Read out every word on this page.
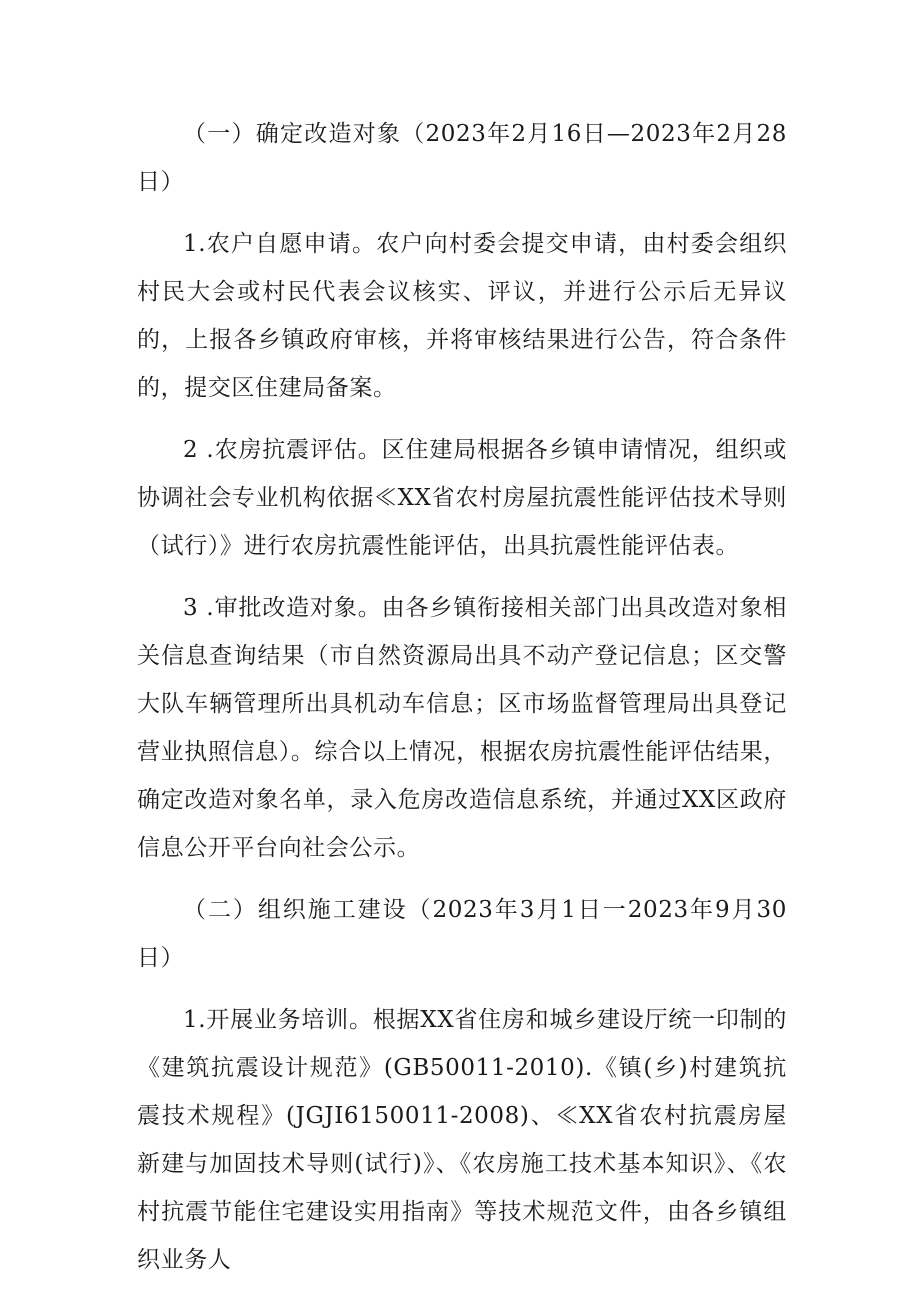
（一）确定改造对象（2023年2月16日—2023年2月28日）

1.农户自愿申请。农户向村委会提交申请，由村委会组织村民大会或村民代表会议核实、评议，并进行公示后无异议的，上报各乡镇政府审核，并将审核结果进行公告，符合条件的，提交区住建局备案。

2 .农房抗震评估。区住建局根据各乡镇申请情况，组织或协调社会专业机构依据≪XX省农村房屋抗震性能评估技术导则（试行）》进行农房抗震性能评估，出具抗震性能评估表。

3 .审批改造对象。由各乡镇衔接相关部门出具改造对象相关信息查询结果（市自然资源局出具不动产登记信息；区交警大队车辆管理所出具机动车信息；区市场监督管理局出具登记营业执照信息）。综合以上情况，根据农房抗震性能评估结果，确定改造对象名单，录入危房改造信息系统，并通过XX区政府信息公开平台向社会公示。

（二）组织施工建设（2023年3月1日一2023年9月30日）

1.开展业务培训。根据XX省住房和城乡建设厅统一印制的《建筑抗震设计规范》(GB50011-2010).《镇(乡)村建筑抗震技术规程》(JGJI6150011-2008)、≪XX省农村抗震房屋新建与加固技术导则(试行)》、《农房施工技术基本知识》、《农村抗震节能住宅建设实用指南》等技术规范文件，由各乡镇组织业务人
